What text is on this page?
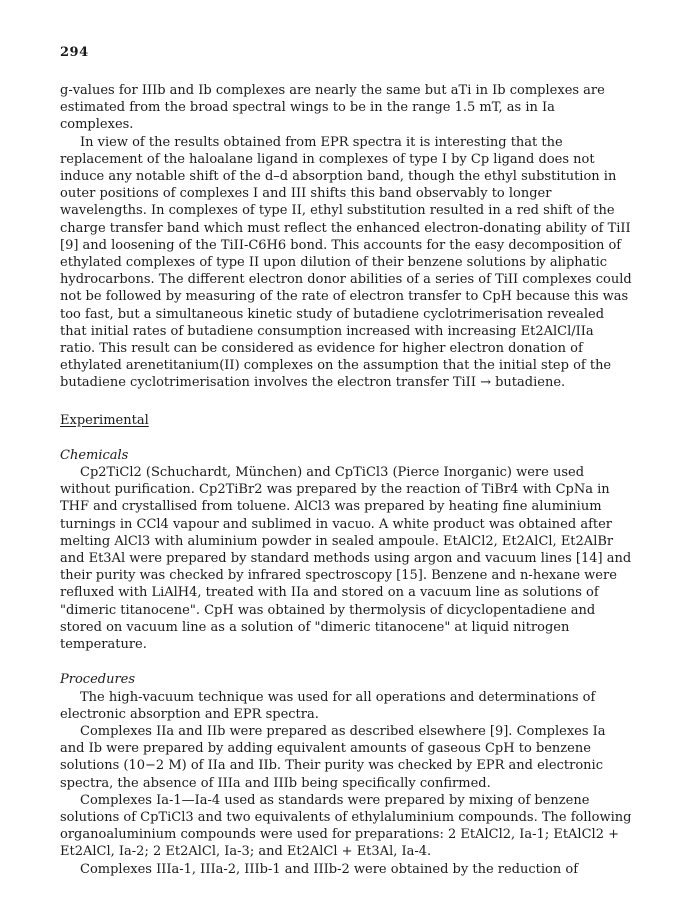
294

g-values for IIIb and Ib complexes are nearly the same but aTi in Ib complexes are estimated from the broad spectral wings to be in the range 1.5 mT, as in Ia complexes.

In view of the results obtained from EPR spectra it is interesting that the replacement of the haloalane ligand in complexes of type I by Cp ligand does not induce any notable shift of the d–d absorption band, though the ethyl substitution in outer positions of complexes I and III shifts this band observably to longer wavelengths. In complexes of type II, ethyl substitution resulted in a red shift of the charge transfer band which must reflect the enhanced electron-donating ability of TiII [9] and loosening of the TiII-C6H6 bond. This accounts for the easy decomposition of ethylated complexes of type II upon dilution of their benzene solutions by aliphatic hydrocarbons. The different electron donor abilities of a series of TiII complexes could not be followed by measuring of the rate of electron transfer to CpH because this was too fast, but a simultaneous kinetic study of butadiene cyclotrimerisation revealed that initial rates of butadiene consumption increased with increasing Et2AlCl/IIa ratio. This result can be considered as evidence for higher electron donation of ethylated arenetitanium(II) complexes on the assumption that the initial step of the butadiene cyclotrimerisation involves the electron transfer TiII → butadiene.

Experimental

Chemicals

Cp2TiCl2 (Schuchardt, München) and CpTiCl3 (Pierce Inorganic) were used without purification. Cp2TiBr2 was prepared by the reaction of TiBr4 with CpNa in THF and crystallised from toluene. AlCl3 was prepared by heating fine aluminium turnings in CCl4 vapour and sublimed in vacuo. A white product was obtained after melting AlCl3 with aluminium powder in sealed ampoule. EtAlCl2, Et2AlCl, Et2AlBr and Et3Al were prepared by standard methods using argon and vacuum lines [14] and their purity was checked by infrared spectroscopy [15]. Benzene and n-hexane were refluxed with LiAlH4, treated with IIa and stored on a vacuum line as solutions of "dimeric titanocene". CpH was obtained by thermolysis of dicyclopentadiene and stored on vacuum line as a solution of "dimeric titanocene" at liquid nitrogen temperature.

Procedures

The high-vacuum technique was used for all operations and determinations of electronic absorption and EPR spectra.

Complexes IIa and IIb were prepared as described elsewhere [9]. Complexes Ia and Ib were prepared by adding equivalent amounts of gaseous CpH to benzene solutions (10−2 M) of IIa and IIb. Their purity was checked by EPR and electronic spectra, the absence of IIIa and IIIb being specifically confirmed.

Complexes Ia-1—Ia-4 used as standards were prepared by mixing of benzene solutions of CpTiCl3 and two equivalents of ethylaluminium compounds. The following organoaluminium compounds were used for preparations: 2 EtAlCl2, Ia-1; EtAlCl2 + Et2AlCl, Ia-2; 2 Et2AlCl, Ia-3; and Et2AlCl + Et3Al, Ia-4.

Complexes IIIa-1, IIIa-2, IIIb-1 and IIIb-2 were obtained by the reduction of
